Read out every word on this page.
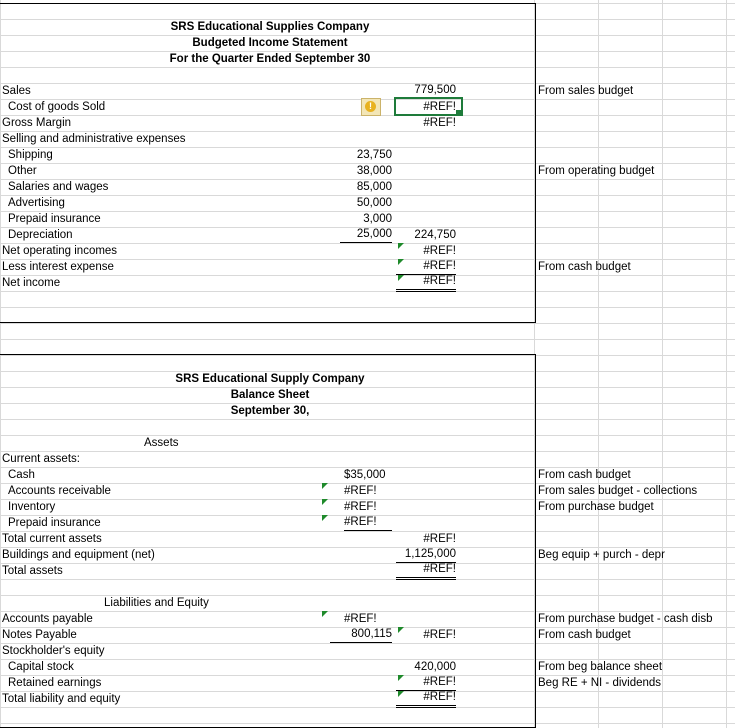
SRS Educational Supplies Company
Budgeted Income Statement
For the Quarter Ended September 30
Sales
Cost of goods Sold
Gross Margin
Selling and administrative expenses
Shipping
Other
Salaries and wages
Advertising
Prepaid insurance
Depreciation
Net operating incomes
Less interest expense
Net income
23,750
38,000
85,000
50,000
3,000
25,000
779,500
#REF!
#REF!
224,750
#REF!
#REF!
#REF!
!
From sales budget
From operating budget
From cash budget
SRS Educational Supply Company
Balance Sheet
September 30,
Assets
Current assets:
Cash
Accounts receivable
Inventory
Prepaid insurance
Total current assets
Buildings and equipment (net)
Total assets
Liabilities and Equity
Accounts payable
Notes Payable
Stockholder's equity
Capital stock
Retained earnings
Total liability and equity
$35,000
#REF!
#REF!
#REF!
#REF!
800,115
#REF!
1,125,000
#REF!
#REF!
420,000
#REF!
#REF!
From cash budget
From sales budget - collections
From purchase budget
Beg equip + purch - depr
From purchase budget - cash disb
From cash budget
From beg balance sheet
Beg RE + NI - dividends
